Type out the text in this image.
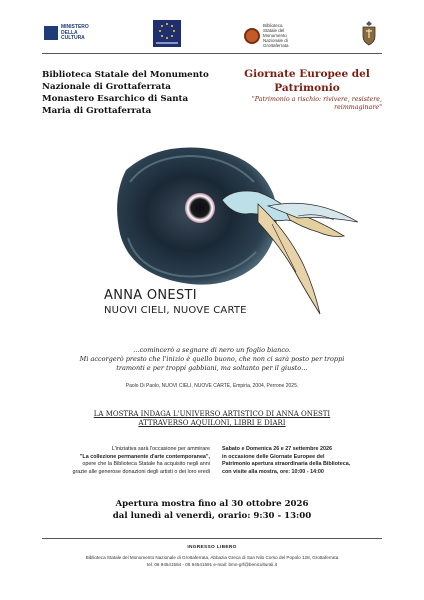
MINISTERO
DELLA
CULTURA
Biblioteca
Statale del
Monumento
Nazionale di
Grottaferrata
Biblioteca Statale del Monumento
Nazionale di Grottaferrata
Monastero Esarchico di Santa
Maria di Grottaferrata
Giornate Europee del
Patrimonio
"Patrimonio a rischio: rivivere, resistere,
reimmaginare"
ANNA ONESTI
NUOVI CIELI, NUOVE CARTE
…comincerò a segnare di nero un foglio bianco.
Mi accorgerò presto che l'inizio è quello buono, che non ci sarà posto per troppi
tramonti e per troppi gabbiani, ma soltanto per il giusto…
Paolo Di Paolo, NUOVI CIELI, NUOVE CARTE, Empiria, 2004, Perrone 2025.
LA MOSTRA INDAGA L'UNIVERSO ARTISTICO DI ANNA ONESTI
ATTRAVERSO AQUILONI, LIBRI E DIARI
L'iniziativa sarà l'occasione per ammirare
"La collezione permanente d'arte contemporanea",
opere che la Biblioteca Statale ha acquisito negli anni
grazie alle generose donazioni degli artisti o dei loro eredi
Sabato e Domenica 26 e 27 settembre 2026
in occasione delle Giornate Europee del
Patrimonio apertura straordinaria della Biblioteca,
con visite alla mostra, ore: 10:00 - 14:00
Apertura mostra fino al 30 ottobre 2026
dal lunedì al venerdì, orario: 9:30 - 13:00
INGRESSO LIBERO
Biblioteca Statale del Monumento Nazionale di Grottaferrata, Abbazia Greca di San Nilo Corso del Popolo 128, Grottaferrata
tel. 06 94541584 - 06 94541591 e-mail: bmn-grf@beniculturali.it
